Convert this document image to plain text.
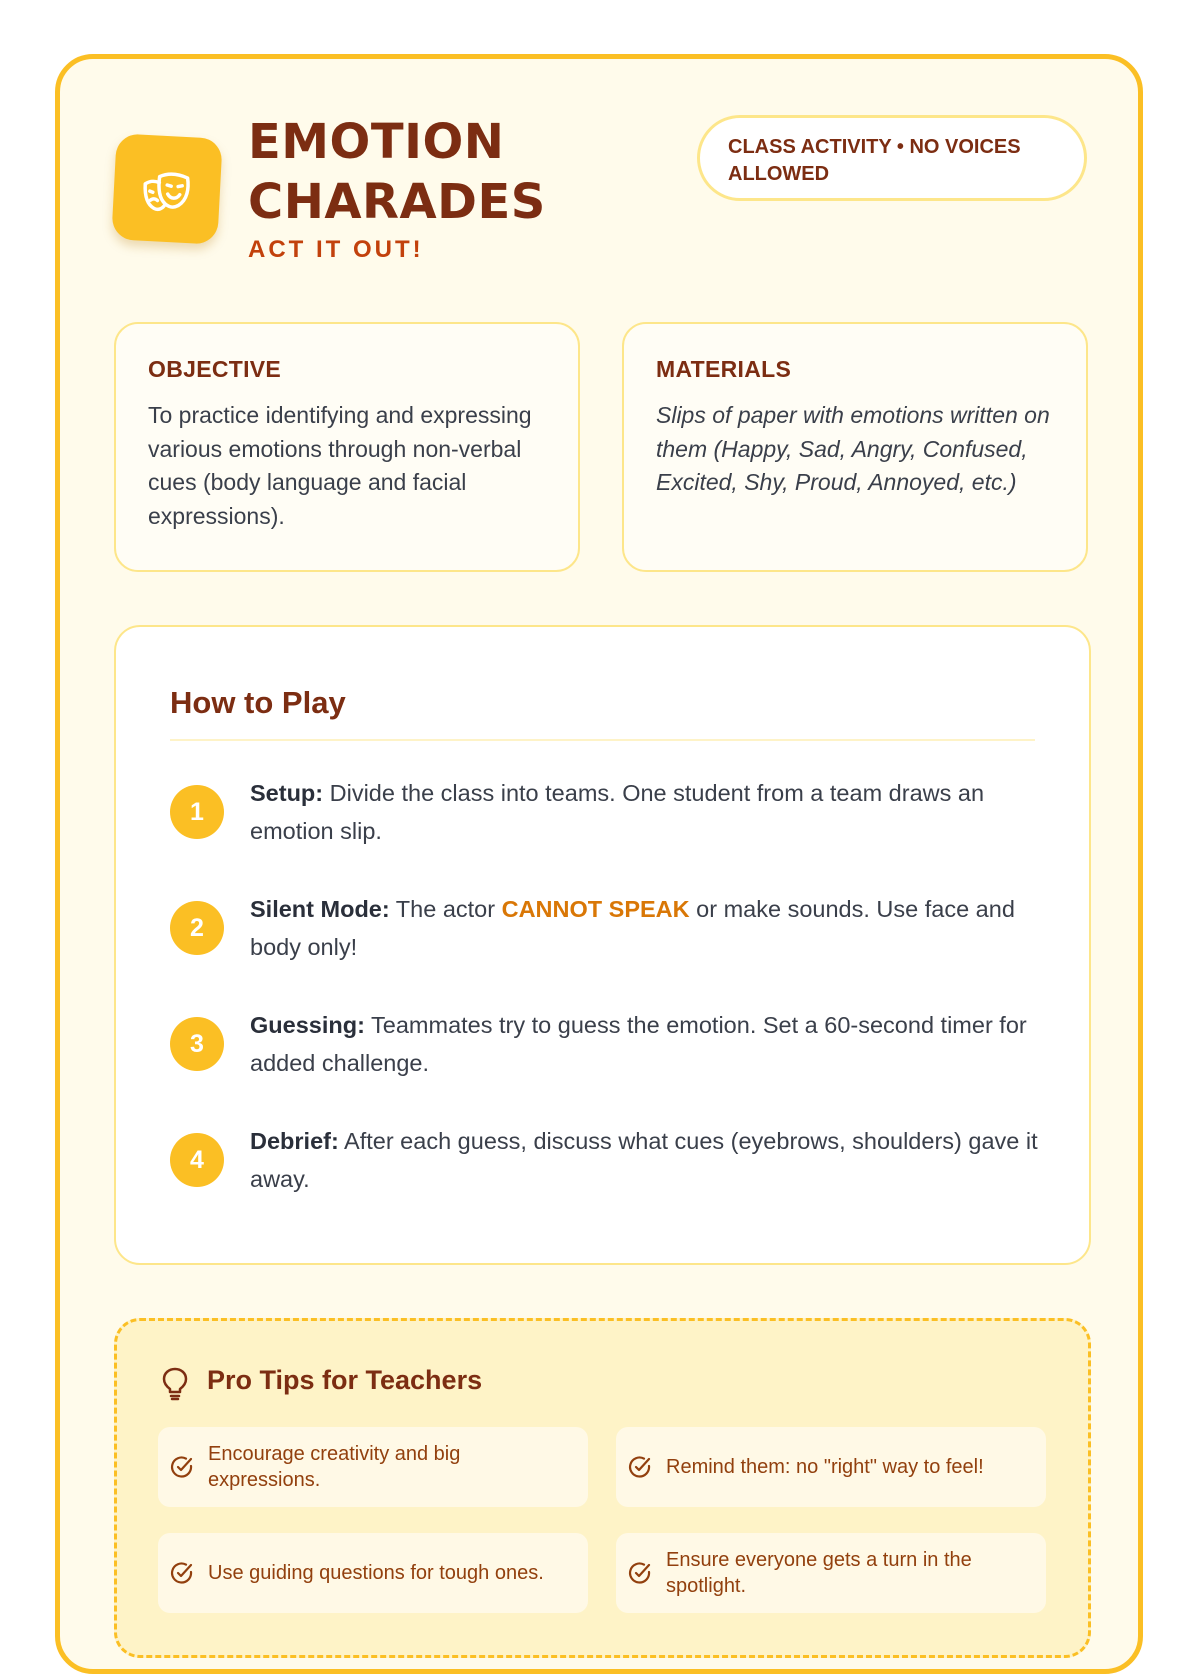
EMOTION
CHARADES
ACT IT OUT!
CLASS ACTIVITY • NO VOICES ALLOWED
OBJECTIVE

To practice identifying and expressing various emotions through non-verbal cues (body language and facial expressions).

MATERIALS

Slips of paper with emotions written on them (Happy, Sad, Angry, Confused, Excited, Shy, Proud, Annoyed, etc.)

How to Play
1
Setup: Divide the class into teams. One student from a team draws an emotion slip.
2
Silent Mode: The actor CANNOT SPEAK or make sounds. Use face and body only!
3
Guessing: Teammates try to guess the emotion. Set a 60-second timer for added challenge.
4
Debrief: After each guess, discuss what cues (eyebrows, shoulders) gave it away.
Pro Tips for Teachers
Encourage creativity and big expressions.
Remind them: no "right" way to feel!
Use guiding questions for tough ones.
Ensure everyone gets a turn in the spotlight.
